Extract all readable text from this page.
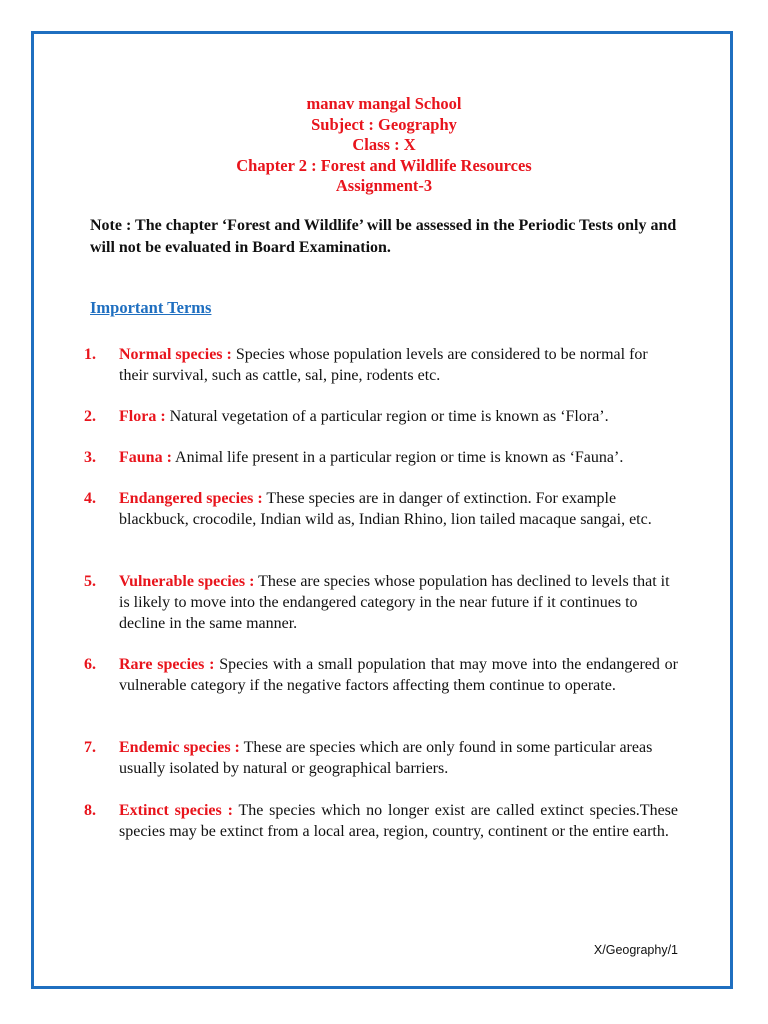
manav mangal School
Subject : Geography
Class : X
Chapter 2 : Forest and Wildlife Resources
Assignment-3
Note : The chapter ‘Forest and Wildlife’ will be assessed in the Periodic Tests only and will not be evaluated in Board Examination.
Important Terms
1. Normal species : Species whose population levels are considered to be normal for their survival, such as cattle, sal, pine, rodents etc.
2. Flora : Natural vegetation of a particular region or time is known as ‘Flora’.
3. Fauna : Animal life present in a particular region or time is known as ‘Fauna’.
4. Endangered species : These species are in danger of extinction. For example blackbuck, crocodile, Indian wild as, Indian Rhino, lion tailed macaque sangai, etc.
5. Vulnerable species : These are species whose population has declined to levels that it is likely to move into the endangered category in the near future if it continues to decline in the same manner.
6. Rare species : Species with a small population that may move into the endangered or vulnerable category if the negative factors affecting them continue to operate.
7. Endemic species : These are species which are only found in some particular areas usually isolated by natural or geographical barriers.
8. Extinct species : The species which no longer exist are called extinct species.These species may be extinct from a local area, region, country, continent or the entire earth.
X/Geography/1
